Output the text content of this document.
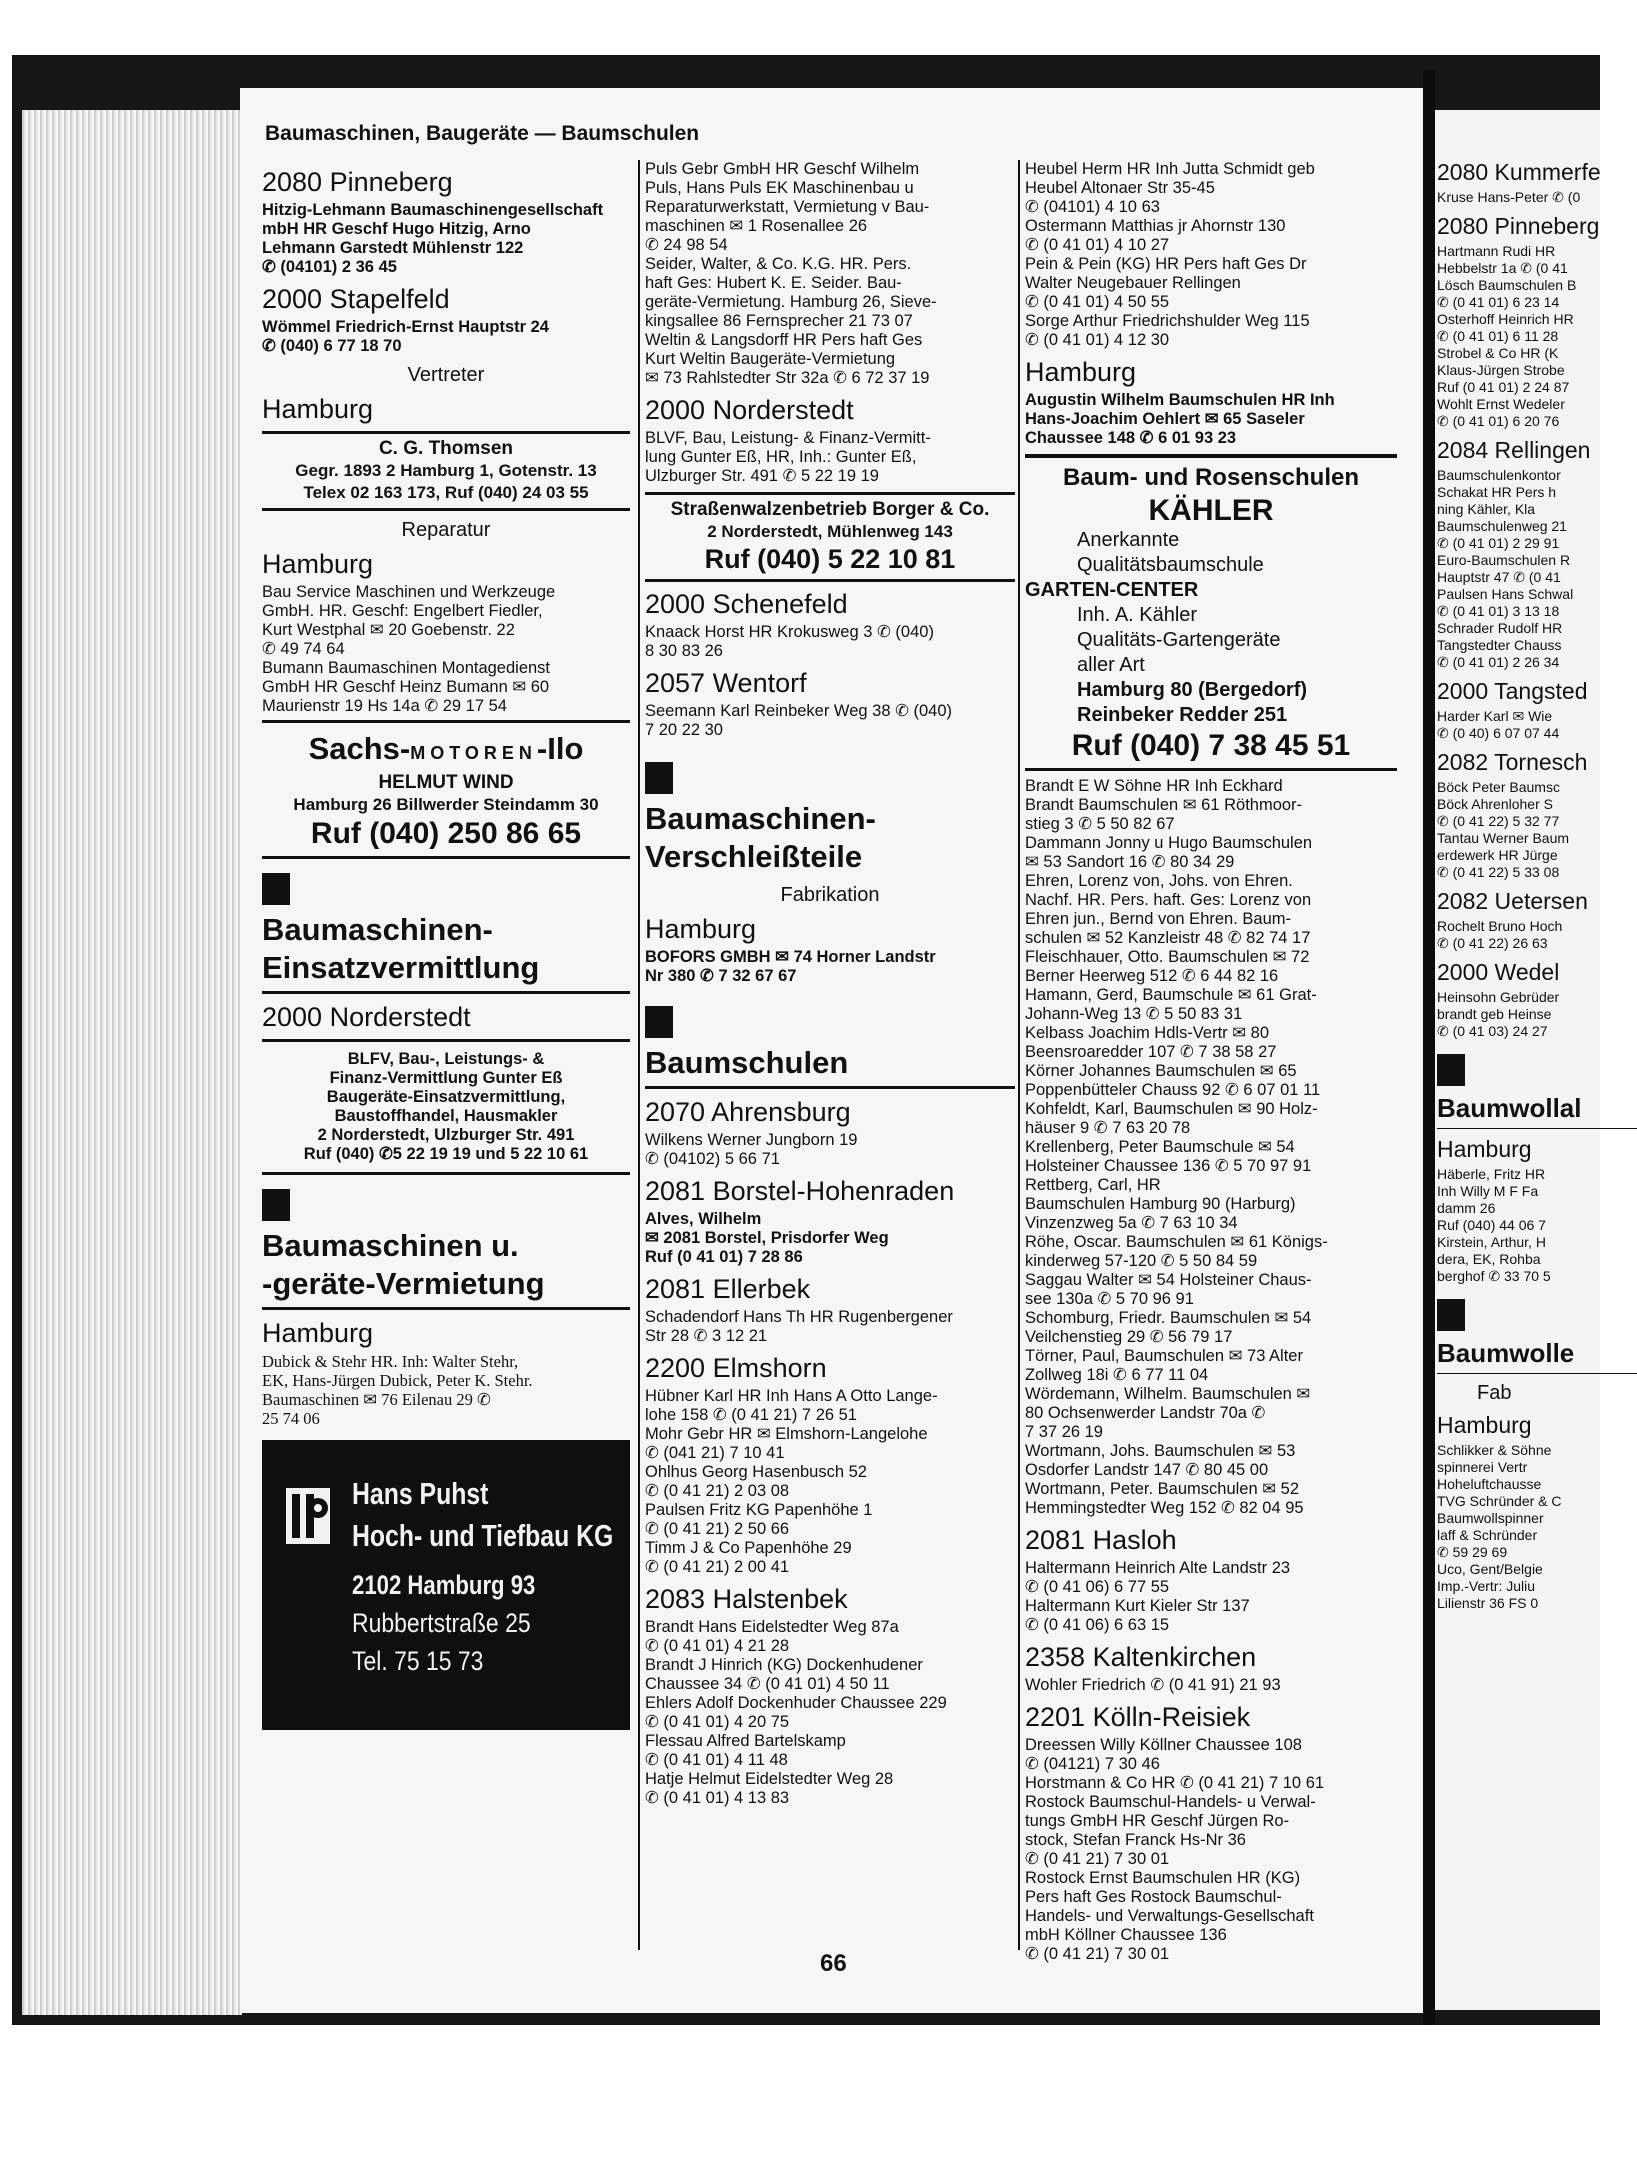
Baumaschinen, Baugeräte — Baumschulen
2080 Pinneberg
Hitzig-Lehmann Baumaschinengesellschaft
mbH HR Geschf Hugo Hitzig, Arno
Lehmann Garstedt Mühlenstr 122
✆ (04101) 2 36 45
2000 Stapelfeld
Wömmel Friedrich-Ernst Hauptstr 24
✆ (040) 6 77 18 70
Vertreter
Hamburg
C. G. Thomsen
Gegr. 1893 2 Hamburg 1, Gotenstr. 13
Telex 02 163 173, Ruf (040) 24 03 55
Reparatur
Hamburg
Bau Service Maschinen und Werkzeuge
GmbH. HR. Geschf: Engelbert Fiedler,
Kurt Westphal ✉ 20 Goebenstr. 22
✆ 49 74 64
Bumann Baumaschinen Montagedienst
GmbH HR Geschf Heinz Bumann ✉ 60
Maurienstr 19 Hs 14a ✆ 29 17 54
Sachs-MOTOREN-Ilo
HELMUT WIND
Hamburg 26 Billwerder Steindamm 30
Ruf (040) 250 86 65
Baumaschinen-
Einsatzvermittlung
2000 Norderstedt
BLFV, Bau-, Leistungs- &
Finanz-Vermittlung Gunter Eß
Baugeräte-Einsatzvermittlung,
Baustoffhandel, Hausmakler
2 Norderstedt, Ulzburger Str. 491
Ruf (040) ✆5 22 19 19 und 5 22 10 61
Baumaschinen u.
-geräte-Vermietung
Hamburg
Dubick & Stehr HR. Inh: Walter Stehr,
EK, Hans-Jürgen Dubick, Peter K. Stehr.
Baumaschinen ✉ 76 Eilenau 29 ✆
25 74 06
Hans Puhst
Hoch- und Tiefbau KG
2102 Hamburg 93
Rubbertstraße 25
Tel. 75 15 73
Puls Gebr GmbH HR Geschf Wilhelm
Puls, Hans Puls EK Maschinenbau u
Reparaturwerkstatt, Vermietung v Bau-
maschinen ✉ 1 Rosenallee 26
✆ 24 98 54
Seider, Walter, & Co. K.G. HR. Pers.
haft Ges: Hubert K. E. Seider. Bau-
geräte-Vermietung. Hamburg 26, Sieve-
kingsallee 86 Fernsprecher 21 73 07
Weltin & Langsdorff HR Pers haft Ges
Kurt Weltin Baugeräte-Vermietung
✉ 73 Rahlstedter Str 32a ✆ 6 72 37 19
2000 Norderstedt
BLVF, Bau, Leistung- & Finanz-Vermitt-
lung Gunter Eß, HR, Inh.: Gunter Eß,
Ulzburger Str. 491 ✆ 5 22 19 19
Straßenwalzenbetrieb Borger & Co.
2 Norderstedt, Mühlenweg 143
Ruf (040) 5 22 10 81
2000 Schenefeld
Knaack Horst HR Krokusweg 3 ✆ (040)
8 30 83 26
2057 Wentorf
Seemann Karl Reinbeker Weg 38 ✆ (040)
7 20 22 30
Baumaschinen-
Verschleißteile
Fabrikation
Hamburg
BOFORS GMBH ✉ 74 Horner Landstr
Nr 380 ✆ 7 32 67 67
Baumschulen
2070 Ahrensburg
Wilkens Werner Jungborn 19
✆ (04102) 5 66 71
2081 Borstel-Hohenraden
Alves, Wilhelm
✉ 2081 Borstel, Prisdorfer Weg
Ruf (0 41 01) 7 28 86
2081 Ellerbek
Schadendorf Hans Th HR Rugenbergener
Str 28 ✆ 3 12 21
2200 Elmshorn
Hübner Karl HR Inh Hans A Otto Lange-
lohe 158 ✆ (0 41 21) 7 26 51
Mohr Gebr HR ✉ Elmshorn-Langelohe
✆ (041 21) 7 10 41
Ohlhus Georg Hasenbusch 52
✆ (0 41 21) 2 03 08
Paulsen Fritz KG Papenhöhe 1
✆ (0 41 21) 2 50 66
Timm J & Co Papenhöhe 29
✆ (0 41 21) 2 00 41
2083 Halstenbek
Brandt Hans Eidelstedter Weg 87a
✆ (0 41 01) 4 21 28
Brandt J Hinrich (KG) Dockenhudener
Chaussee 34 ✆ (0 41 01) 4 50 11
Ehlers Adolf Dockenhuder Chaussee 229
✆ (0 41 01) 4 20 75
Flessau Alfred Bartelskamp
✆ (0 41 01) 4 11 48
Hatje Helmut Eidelstedter Weg 28
✆ (0 41 01) 4 13 83
Heubel Herm HR Inh Jutta Schmidt geb
Heubel Altonaer Str 35-45
✆ (04101) 4 10 63
Ostermann Matthias jr Ahornstr 130
✆ (0 41 01) 4 10 27
Pein & Pein (KG) HR Pers haft Ges Dr
Walter Neugebauer Rellingen
✆ (0 41 01) 4 50 55
Sorge Arthur Friedrichshulder Weg 115
✆ (0 41 01) 4 12 30
Hamburg
Augustin Wilhelm Baumschulen HR Inh
Hans-Joachim Oehlert ✉ 65 Saseler
Chaussee 148 ✆ 6 01 93 23
Baum- und Rosenschulen
KÄHLER
Anerkannte
Qualitätsbaumschule
GARTEN-CENTER
Inh. A. Kähler
Qualitäts-Gartengeräte
aller Art
Hamburg 80 (Bergedorf)
Reinbeker Redder 251
Ruf (040) 7 38 45 51
Brandt E W Söhne HR Inh Eckhard
Brandt Baumschulen ✉ 61 Röthmoor-
stieg 3 ✆ 5 50 82 67
Dammann Jonny u Hugo Baumschulen
✉ 53 Sandort 16 ✆ 80 34 29
Ehren, Lorenz von, Johs. von Ehren.
Nachf. HR. Pers. haft. Ges: Lorenz von
Ehren jun., Bernd von Ehren. Baum-
schulen ✉ 52 Kanzleistr 48 ✆ 82 74 17
Fleischhauer, Otto. Baumschulen ✉ 72
Berner Heerweg 512 ✆ 6 44 82 16
Hamann, Gerd, Baumschule ✉ 61 Grat-
Johann-Weg 13 ✆ 5 50 83 31
Kelbass Joachim Hdls-Vertr ✉ 80
Beensroaredder 107 ✆ 7 38 58 27
Körner Johannes Baumschulen ✉ 65
Poppenbütteler Chauss 92 ✆ 6 07 01 11
Kohfeldt, Karl, Baumschulen ✉ 90 Holz-
häuser 9 ✆ 7 63 20 78
Krellenberg, Peter Baumschule ✉ 54
Holsteiner Chaussee 136 ✆ 5 70 97 91
Rettberg, Carl, HR
Baumschulen Hamburg 90 (Harburg)
Vinzenzweg 5a ✆ 7 63 10 34
Röhe, Oscar. Baumschulen ✉ 61 Königs-
kinderweg 57-120 ✆ 5 50 84 59
Saggau Walter ✉ 54 Holsteiner Chaus-
see 130a ✆ 5 70 96 91
Schomburg, Friedr. Baumschulen ✉ 54
Veilchenstieg 29 ✆ 56 79 17
Törner, Paul, Baumschulen ✉ 73 Alter
Zollweg 18i ✆ 6 77 11 04
Wördemann, Wilhelm. Baumschulen ✉
80 Ochsenwerder Landstr 70a ✆
7 37 26 19
Wortmann, Johs. Baumschulen ✉ 53
Osdorfer Landstr 147 ✆ 80 45 00
Wortmann, Peter. Baumschulen ✉ 52
Hemmingstedter Weg 152 ✆ 82 04 95
2081 Hasloh
Haltermann Heinrich Alte Landstr 23
✆ (0 41 06) 6 77 55
Haltermann Kurt Kieler Str 137
✆ (0 41 06) 6 63 15
2358 Kaltenkirchen
Wohler Friedrich ✆ (0 41 91) 21 93
2201 Kölln-Reisiek
Dreessen Willy Köllner Chaussee 108
✆ (04121) 7 30 46
Horstmann & Co HR ✆ (0 41 21) 7 10 61
Rostock Baumschul-Handels- u Verwal-
tungs GmbH HR Geschf Jürgen Ro-
stock, Stefan Franck Hs-Nr 36
✆ (0 41 21) 7 30 01
Rostock Ernst Baumschulen HR (KG)
Pers haft Ges Rostock Baumschul-
Handels- und Verwaltungs-Gesellschaft
mbH Köllner Chaussee 136
✆ (0 41 21) 7 30 01
2080 Kummerfe
Kruse Hans-Peter ✆ (0
2080 Pinneberg
Hartmann Rudi HR
Hebbelstr 1a ✆ (0 41
Lösch Baumschulen B
✆ (0 41 01) 6 23 14
Osterhoff Heinrich HR
✆ (0 41 01) 6 11 28
Strobel & Co HR (K
Klaus-Jürgen Strobe
Ruf (0 41 01) 2 24 87
Wohlt Ernst Wedeler
✆ (0 41 01) 6 20 76
2084 Rellingen
Baumschulenkontor
Schakat HR Pers h
ning Kähler, Kla
Baumschulenweg 21
✆ (0 41 01) 2 29 91
Euro-Baumschulen R
Hauptstr 47 ✆ (0 41
Paulsen Hans Schwal
✆ (0 41 01) 3 13 18
Schrader Rudolf HR
Tangstedter Chauss
✆ (0 41 01) 2 26 34
2000 Tangsted
Harder Karl ✉ Wie
✆ (0 40) 6 07 07 44
2082 Tornesch
Böck Peter Baumsc
Böck Ahrenloher S
✆ (0 41 22) 5 32 77
Tantau Werner Baum
erdewerk HR Jürge
✆ (0 41 22) 5 33 08
2082 Uetersen
Rochelt Bruno Hoch
✆ (0 41 22) 26 63
2000 Wedel
Heinsohn Gebrüder
brandt geb Heinse
✆ (0 41 03) 24 27
Baumwollal
Hamburg
Häberle, Fritz HR
Inh Willy M F Fa
damm 26
Ruf (040) 44 06 7
Kirstein, Arthur, H
dera, EK, Rohba
berghof ✆ 33 70 5
Baumwolle
Fab
Hamburg
Schlikker & Söhne
spinnerei Vertr
Hoheluftchausse
TVG Schründer & C
Baumwollspinner
laff & Schründer
✆ 59 29 69
Uco, Gent/Belgie
Imp.-Vertr: Juliu
Lilienstr 36 FS 0
66
